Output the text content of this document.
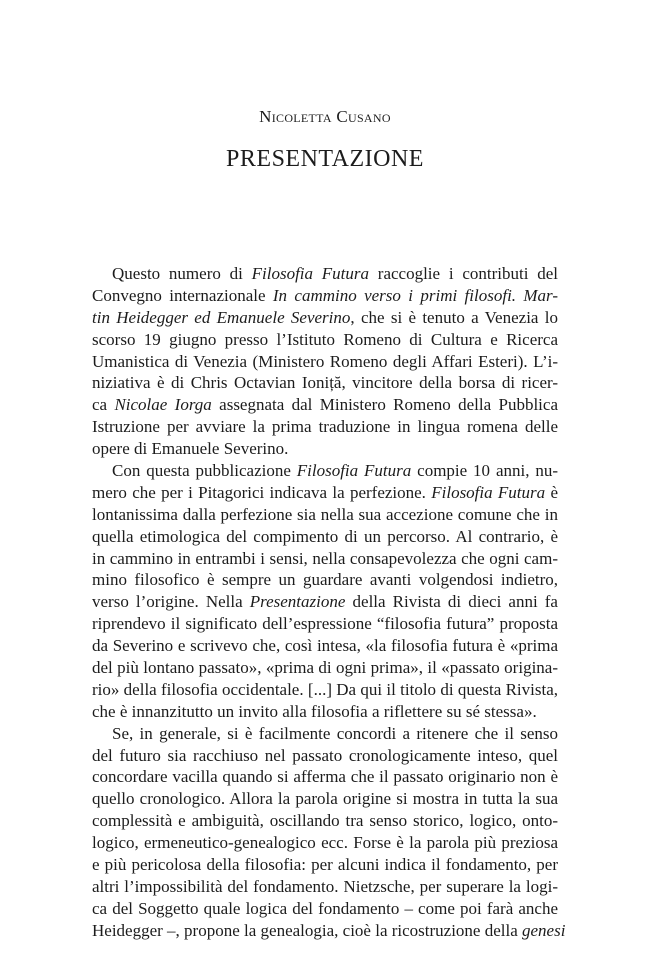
Nicoletta Cusano

PRESENTAZIONE
Questo numero di Filosofia Futura raccoglie i contributi del
Convegno internazionale In cammino verso i primi filosofi. Mar-
tin Heidegger ed Emanuele Severino, che si è tenuto a Venezia lo
scorso 19 giugno presso l’Istituto Romeno di Cultura e Ricerca
Umanistica di Venezia (Ministero Romeno degli Affari Esteri). L’i-
niziativa è di Chris Octavian Ioniță, vincitore della borsa di ricer-
ca Nicolae Iorga assegnata dal Ministero Romeno della Pubblica
Istruzione per avviare la prima traduzione in lingua romena delle
opere di Emanuele Severino.
Con questa pubblicazione Filosofia Futura compie 10 anni, nu-
mero che per i Pitagorici indicava la perfezione. Filosofia Futura è
lontanissima dalla perfezione sia nella sua accezione comune che in
quella etimologica del compimento di un percorso. Al contrario, è
in cammino in entrambi i sensi, nella consapevolezza che ogni cam-
mino filosofico è sempre un guardare avanti volgendosi indietro,
verso l’origine. Nella Presentazione della Rivista di dieci anni fa
riprendevo il significato dell’espressione “filosofia futura” proposta
da Severino e scrivevo che, così intesa, «la filosofia futura è «prima
del più lontano passato», «prima di ogni prima», il «passato origina-
rio» della filosofia occidentale. [...] Da qui il titolo di questa Rivista,
che è innanzitutto un invito alla filosofia a riflettere su sé stessa».
Se, in generale, si è facilmente concordi a ritenere che il senso
del futuro sia racchiuso nel passato cronologicamente inteso, quel
concordare vacilla quando si afferma che il passato originario non è
quello cronologico. Allora la parola origine si mostra in tutta la sua
complessità e ambiguità, oscillando tra senso storico, logico, onto-
logico, ermeneutico-genealogico ecc. Forse è la parola più preziosa
e più pericolosa della filosofia: per alcuni indica il fondamento, per
altri l’impossibilità del fondamento. Nietzsche, per superare la logi-
ca del Soggetto quale logica del fondamento – come poi farà anche
Heidegger –, propone la genealogia, cioè la ricostruzione della genesi
